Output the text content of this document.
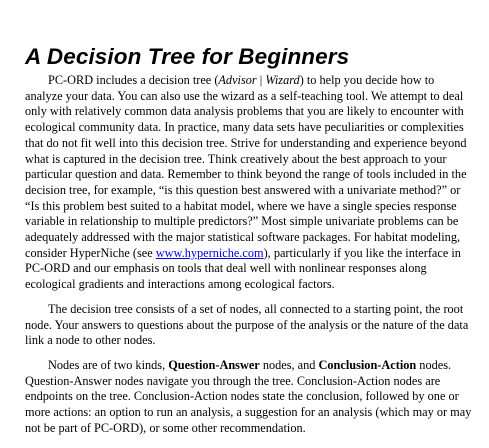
A Decision Tree for Beginners

PC-ORD includes a decision tree (Advisor | Wizard) to help you decide how to analyze your data. You can also use the wizard as a self-teaching tool. We attempt to deal only with relatively common data analysis problems that you are likely to encounter with ecological community data. In practice, many data sets have peculiarities or complexities that do not fit well into this decision tree. Strive for understanding and experience beyond what is captured in the decision tree. Think creatively about the best approach to your particular question and data. Remember to think beyond the range of tools included in the decision tree, for example, “is this question best answered with a univariate method?” or “Is this problem best suited to a habitat model, where we have a single species response variable in relationship to multiple predictors?” Most simple univariate problems can be adequately addressed with the major statistical software packages. For habitat modeling, consider HyperNiche (see www.hyperniche.com), particularly if you like the interface in PC-ORD and our emphasis on tools that deal well with nonlinear responses along ecological gradients and interactions among ecological factors.

The decision tree consists of a set of nodes, all connected to a starting point, the root node. Your answers to questions about the purpose of the analysis or the nature of the data link a node to other nodes.

Nodes are of two kinds, Question-Answer nodes, and Conclusion-Action nodes. Question-Answer nodes navigate you through the tree. Conclusion-Action nodes are endpoints on the tree. Conclusion-Action nodes state the conclusion, followed by one or more actions: an option to run an analysis, a suggestion for an analysis (which may or may not be part of PC-ORD), or some other recommendation.
